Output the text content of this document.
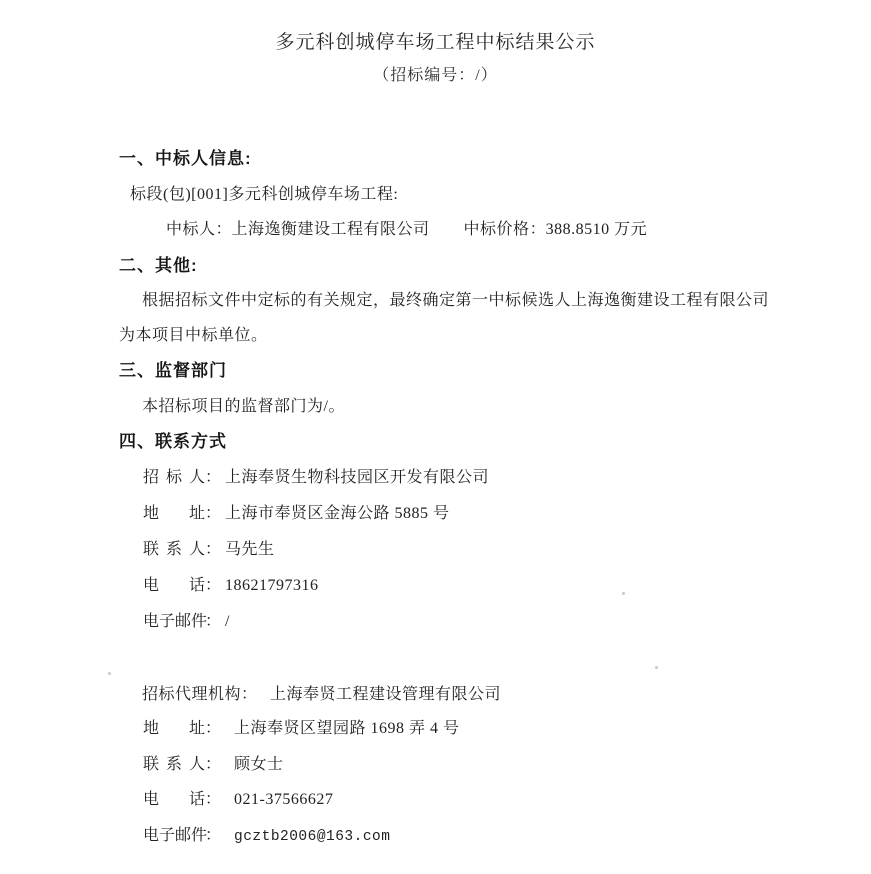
多元科创城停车场工程中标结果公示
（招标编号：/）
一、中标人信息:
标段(包)[001]多元科创城停车场工程:
中标人 ： 上海逸衡建设工程有限公司 中标价格 ： 388.8510 万元
二、其他:
根据招标文件中定标的有关规定，最终确定第一中标候选人上海逸衡建设工程有限公司
为本项目中标单位。
三、监督部门
本招标项目的监督部门为/。
四、联系方式
招标人 ： 上海奉贤生物科技园区开发有限公司
地址 ： 上海市奉贤区金海公路 5885 号
联系人 ： 马先生
电话 ： 18621797316
电子邮件
： /
招标代理机构 ： 上海奉贤工程建设管理有限公司
地址 ： 上海奉贤区望园路 1698 弄 4 号
联系人 ： 顾女士
电话 ： 021-37566627
电子邮件
： gcztb2006@163.com
